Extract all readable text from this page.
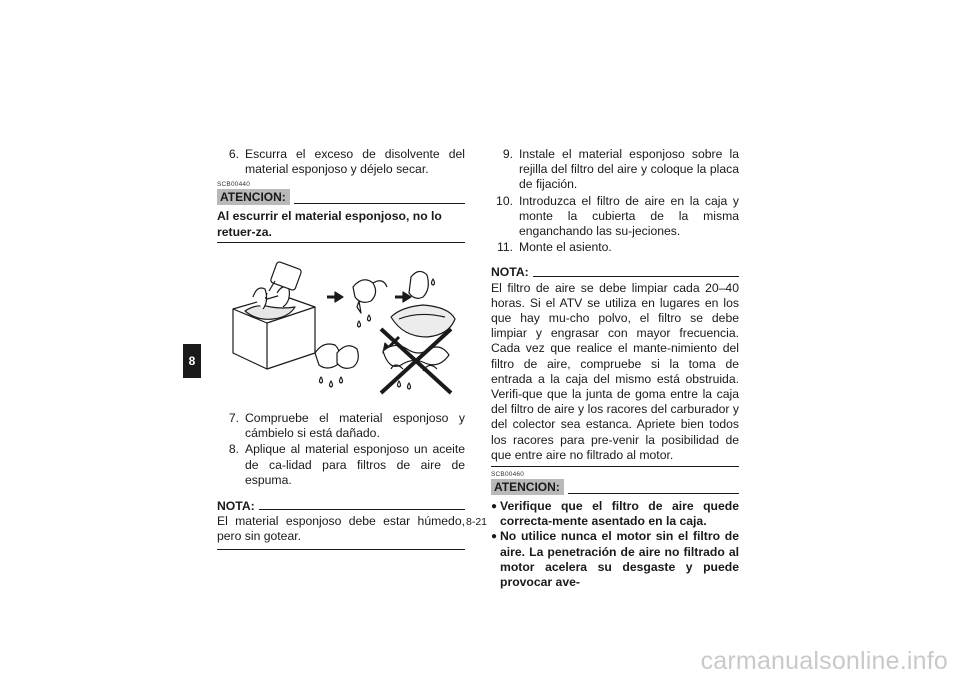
8
6. Escurra el exceso de disolvente del material esponjoso y déjelo secar.
SCB00440
ATENCION:
Al escurrir el material esponjoso, no lo retuer-za.
7. Compruebe el material esponjoso y cámbielo si está dañado.
8. Aplique al material esponjoso un aceite de ca-lidad para filtros de aire de espuma.
NOTA:
El material esponjoso debe estar húmedo, pero sin gotear.
9. Instale el material esponjoso sobre la rejilla del filtro del aire y coloque la placa de fijación.
10. Introduzca el filtro de aire en la caja y monte la cubierta de la misma enganchando las su-jeciones.
11. Monte el asiento.
NOTA:
El filtro de aire se debe limpiar cada 20–40 horas. Si el ATV se utiliza en lugares en los que hay mu-cho polvo, el filtro se debe limpiar y engrasar con mayor frecuencia. Cada vez que realice el mante-nimiento del filtro de aire, compruebe si la toma de entrada a la caja del mismo está obstruida. Verifi-que que la junta de goma entre la caja del filtro de aire y los racores del carburador y del colector sea estanca. Apriete bien todos los racores para pre-venir la posibilidad de que entre aire no filtrado al motor.
SCB00460
ATENCION:
● Verifique que el filtro de aire quede correcta-mente asentado en la caja.
● No utilice nunca el motor sin el filtro de aire. La penetración de aire no filtrado al motor acelera su desgaste y puede provocar ave-
8-21
carmanualsonline.info
